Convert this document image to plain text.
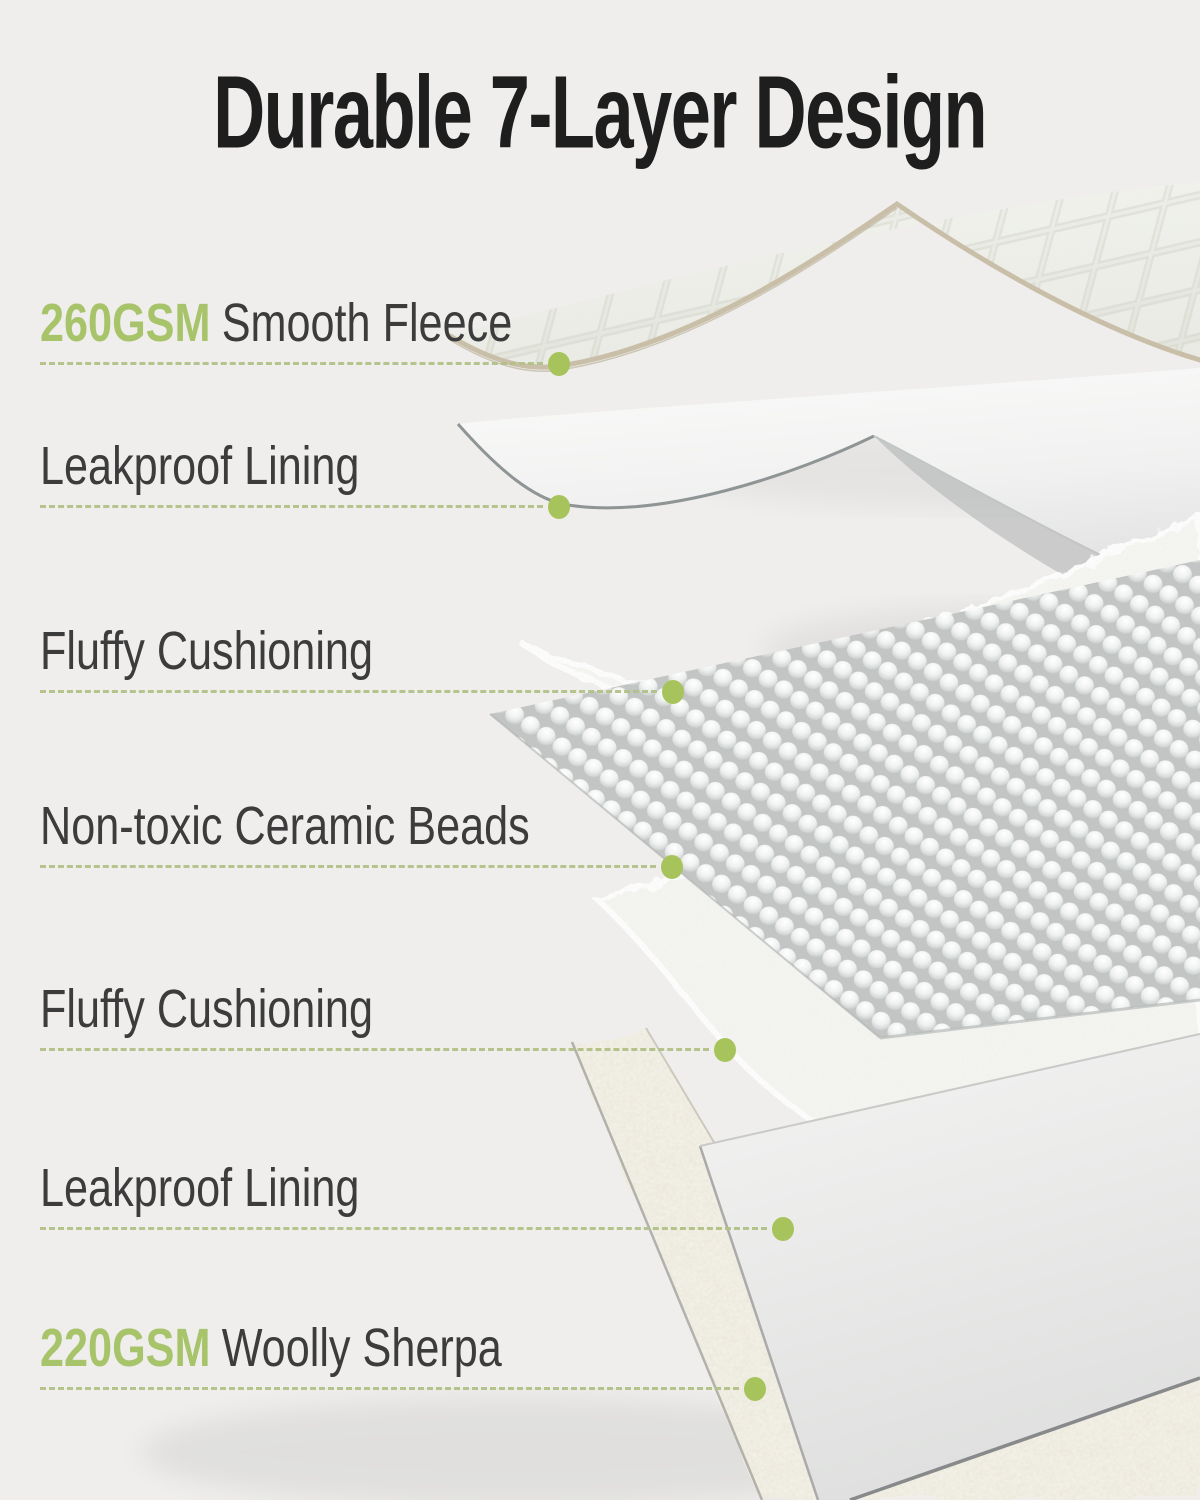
Durable 7-Layer Design
260GSM Smooth Fleece
Leakproof Lining
Fluffy Cushioning
Non-toxic Ceramic Beads
Fluffy Cushioning
Leakproof Lining
220GSM Woolly Sherpa
